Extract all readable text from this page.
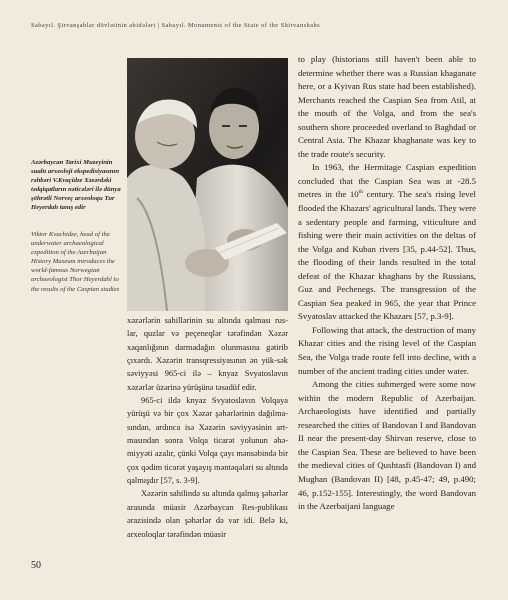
Sabayıl. Şirvanşahlar dövlətinin abidələri | Sabayıl. Monuments of the State of the Shirvanshahs
Azərbaycan Tarixi Muzeyinin sualtı arxeoloji ekspedisiyasının rəhbəri V.Kvaçidze Xəzərdəki tədqiqatların nəticələri ilə dünya şöhrətli Norveç arxeoloqu Tur Heyerdalı tanış edir
Viktor Kvachidze, head of the underwater archaeological expedition of the Azerbaijan History Museum introduces the world-famous Norwegian archaeologist Thor Heyerdahl to the results of the Caspian studies

xəzərlərin sahillərinin su altında qalması rus-lar, quzlar və peçeneqlər tərəfindən Xəzər xaqanlığının darmadağın olunmasına gətirib çıxardı. Xəzərin transqressiyasının ən yük-sək səviyyəsi 965-ci ilə – knyaz Svyatoslavın xəzərlər üzərinə yürüşünə təsadüf edir.

965-ci ildə knyaz Svyatoslavın Volqaya yürüşü və bir çox Xəzər şəhərlərinin dağılma-sından, ardınca isə Xəzərin səviyyəsinin art-masından sonra Volqa ticarət yolunun əhə-miyyəti azalır, çünki Volqa çayı mənsəbində bir çox qədim ticarət yaşayış məntəqələri su altında qalmışdır [57, s. 3-9].

Xəzərin sahilində su altında qalmış şəhərlər arasında müasir Azərbaycan Res-publikası ərazisində olan şəhərlər də var idi. Belə ki, arxeoloqlar tərəfindən müasir

to play (historians still haven't been able to determine whether there was a Russian khaganate here, or a Kyivan Rus state had been established). Merchants reached the Caspian Sea from Atil, at the mouth of the Volga, and from the sea's southern shore proceeded overland to Baghdad or Central Asia. The Khazar khaghanate was key to the trade route's security.

In 1963, the Hermitage Caspian expedition concluded that the Caspian Sea was at -28.5 metres in the 10th century. The sea's rising level flooded the Khazars' agricultural lands. They were a sedentary people and farming, viticulture and fishing were their main activities on the deltas of the Volga and Kuban rivers [35, p.44-52]. Thus, the flooding of their lands resulted in the total defeat of the Khazar khaghans by the Russians, Guz and Pechenegs. The transgression of the Caspian Sea peaked in 965, the year that Prince Svyatoslav attacked the Khazars [57, p.3-9].

Following that attack, the destruction of many Khazar cities and the rising level of the Caspian Sea, the Volga trade route fell into decline, with a number of the ancient trading cities under water.

Among the cities submerged were some now within the modern Republic of Azerbaijan. Archaeologists have identified and partially researched the cities of Bandovan I and Bandovan II near the present-day Shirvan reserve, close to the Caspian Sea. These are believed to have been the medieval cities of Qushtasfi (Bandovan I) and Mughan (Bandovan II) [48, p.45-47; 49, p.490; 46, p.152-155]. Interestingly, the word Bandovan in the Azerbaijani language

50
